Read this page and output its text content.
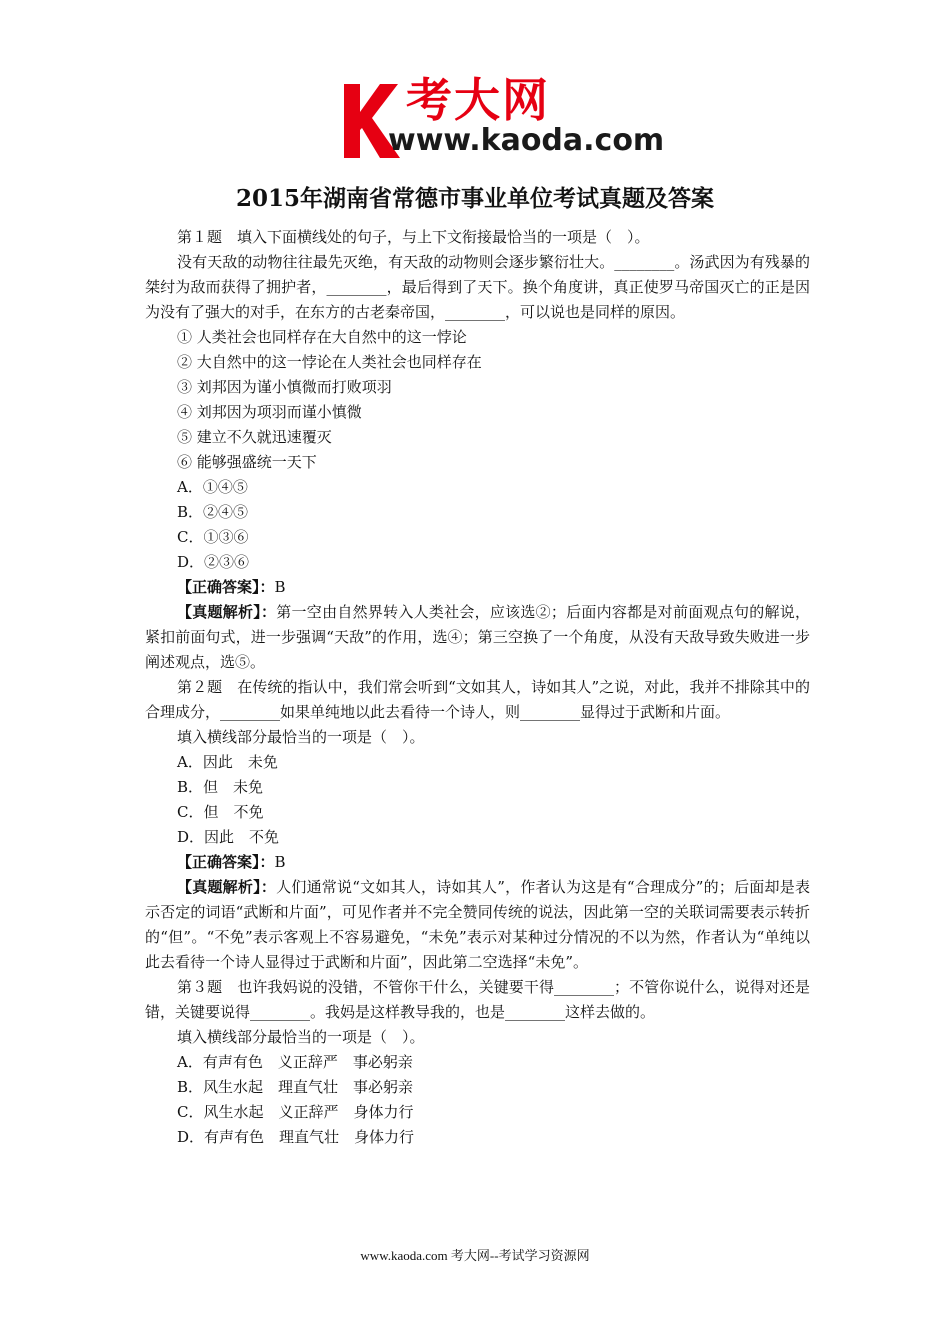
考大网
www.kaoda.com
2015年湖南省常德市事业单位考试真题及答案

第１题　填入下面横线处的句子，与上下文衔接最恰当的一项是（　）。

没有天敌的动物往往最先灭绝，有天敌的动物则会逐步繁衍壮大。________。汤武因为有残暴的桀纣为敌而获得了拥护者，________，最后得到了天下。换个角度讲，真正使罗马帝国灭亡的正是因为没有了强大的对手，在东方的古老秦帝国，________，可以说也是同样的原因。

① 人类社会也同样存在大自然中的这一悖论

② 大自然中的这一悖论在人类社会也同样存在

③ 刘邦因为谨小慎微而打败项羽

④ 刘邦因为项羽而谨小慎微

⑤ 建立不久就迅速覆灭

⑥ 能够强盛统一天下

A．①④⑤

B．②④⑤

C．①③⑥

D．②③⑥

【正确答案】：B

【真题解析】：第一空由自然界转入人类社会，应该选②；后面内容都是对前面观点句的解说，紧扣前面句式，进一步强调“天敌”的作用，选④；第三空换了一个角度，从没有天敌导致失败进一步阐述观点，选⑤。

第２题　在传统的指认中，我们常会听到“文如其人，诗如其人”之说，对此，我并不排除其中的合理成分，________如果单纯地以此去看待一个诗人，则________显得过于武断和片面。

填入横线部分最恰当的一项是（　）。

A．因此　未免

B．但　未免

C．但　不免

D．因此　不免

【正确答案】：B

【真题解析】：人们通常说“文如其人，诗如其人”，作者认为这是有“合理成分”的；后面却是表示否定的词语“武断和片面”，可见作者并不完全赞同传统的说法，因此第一空的关联词需要表示转折的“但”。“不免”表示客观上不容易避免，“未免”表示对某种过分情况的不以为然，作者认为“单纯以此去看待一个诗人显得过于武断和片面”，因此第二空选择“未免”。

第３题　也许我妈说的没错，不管你干什么，关键要干得________；不管你说什么，说得对还是错，关键要说得________。我妈是这样教导我的，也是________这样去做的。

填入横线部分最恰当的一项是（　）。

A．有声有色　义正辞严　事必躬亲

B．风生水起　理直气壮　事必躬亲

C．风生水起　义正辞严　身体力行

D．有声有色　理直气壮　身体力行

www.kaoda.com 考大网--考试学习资源网
